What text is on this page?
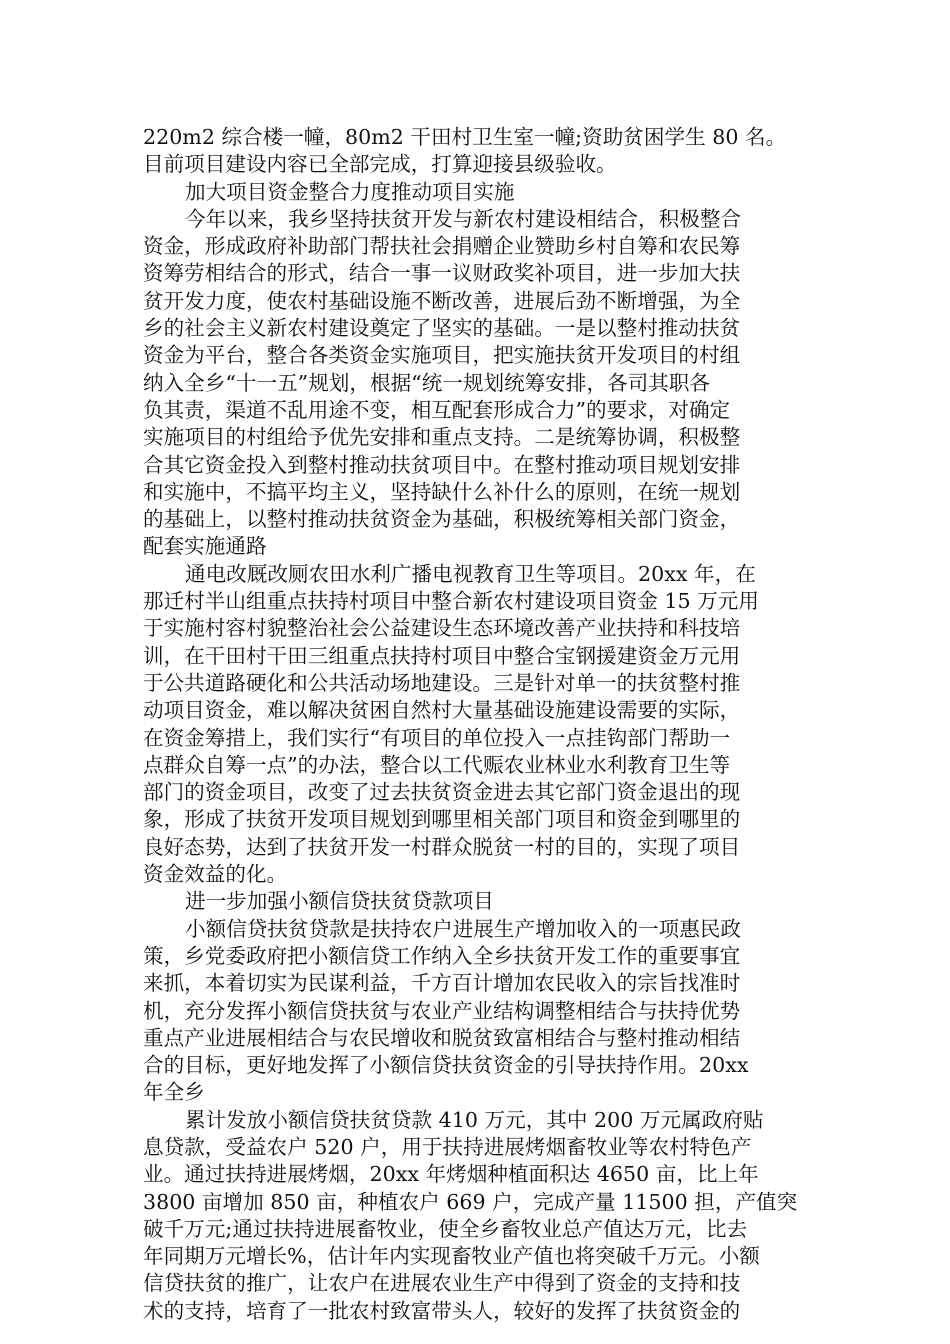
220m2 综合楼一幢，80m2 干田村卫生室一幢;资助贫困学生 80 名。
目前项目建设内容已全部完成，打算迎接县级验收。
加大项目资金整合力度推动项目实施
今年以来，我乡坚持扶贫开发与新农村建设相结合，积极整合
资金，形成政府补助部门帮扶社会捐赠企业赞助乡村自筹和农民筹
资筹劳相结合的形式，结合一事一议财政奖补项目，进一步加大扶
贫开发力度，使农村基础设施不断改善，进展后劲不断增强，为全
乡的社会主义新农村建设奠定了坚实的基础。一是以整村推动扶贫
资金为平台，整合各类资金实施项目，把实施扶贫开发项目的村组
纳入全乡“十一五”规划，根据“统一规划统筹安排，各司其职各
负其责，渠道不乱用途不变，相互配套形成合力”的要求，对确定
实施项目的村组给予优先安排和重点支持。二是统筹协调，积极整
合其它资金投入到整村推动扶贫项目中。在整村推动项目规划安排
和实施中，不搞平均主义，坚持缺什么补什么的原则，在统一规划
的基础上，以整村推动扶贫资金为基础，积极统筹相关部门资金，
配套实施通路
通电改厩改厕农田水利广播电视教育卫生等项目。20xx 年，在
那迁村半山组重点扶持村项目中整合新农村建设项目资金 15 万元用
于实施村容村貌整治社会公益建设生态环境改善产业扶持和科技培
训，在干田村干田三组重点扶持村项目中整合宝钢援建资金万元用
于公共道路硬化和公共活动场地建设。三是针对单一的扶贫整村推
动项目资金，难以解决贫困自然村大量基础设施建设需要的实际，
在资金筹措上，我们实行“有项目的单位投入一点挂钩部门帮助一
点群众自筹一点”的办法，整合以工代赈农业林业水利教育卫生等
部门的资金项目，改变了过去扶贫资金进去其它部门资金退出的现
象，形成了扶贫开发项目规划到哪里相关部门项目和资金到哪里的
良好态势，达到了扶贫开发一村群众脱贫一村的目的，实现了项目
资金效益的化。
进一步加强小额信贷扶贫贷款项目
小额信贷扶贫贷款是扶持农户进展生产增加收入的一项惠民政
策，乡党委政府把小额信贷工作纳入全乡扶贫开发工作的重要事宜
来抓，本着切实为民谋利益，千方百计增加农民收入的宗旨找准时
机，充分发挥小额信贷扶贫与农业产业结构调整相结合与扶持优势
重点产业进展相结合与农民增收和脱贫致富相结合与整村推动相结
合的目标，更好地发挥了小额信贷扶贫资金的引导扶持作用。20xx
年全乡
累计发放小额信贷扶贫贷款 410 万元，其中 200 万元属政府贴
息贷款，受益农户 520 户，用于扶持进展烤烟畜牧业等农村特色产
业。通过扶持进展烤烟，20xx 年烤烟种植面积达 4650 亩，比上年
3800 亩增加 850 亩，种植农户 669 户，完成产量 11500 担，产值突
破千万元;通过扶持进展畜牧业，使全乡畜牧业总产值达万元，比去
年同期万元增长%，估计年内实现畜牧业产值也将突破千万元。小额
信贷扶贫的推广，让农户在进展农业生产中得到了资金的支持和技
术的支持，培育了一批农村致富带头人，较好的发挥了扶贫资金的
